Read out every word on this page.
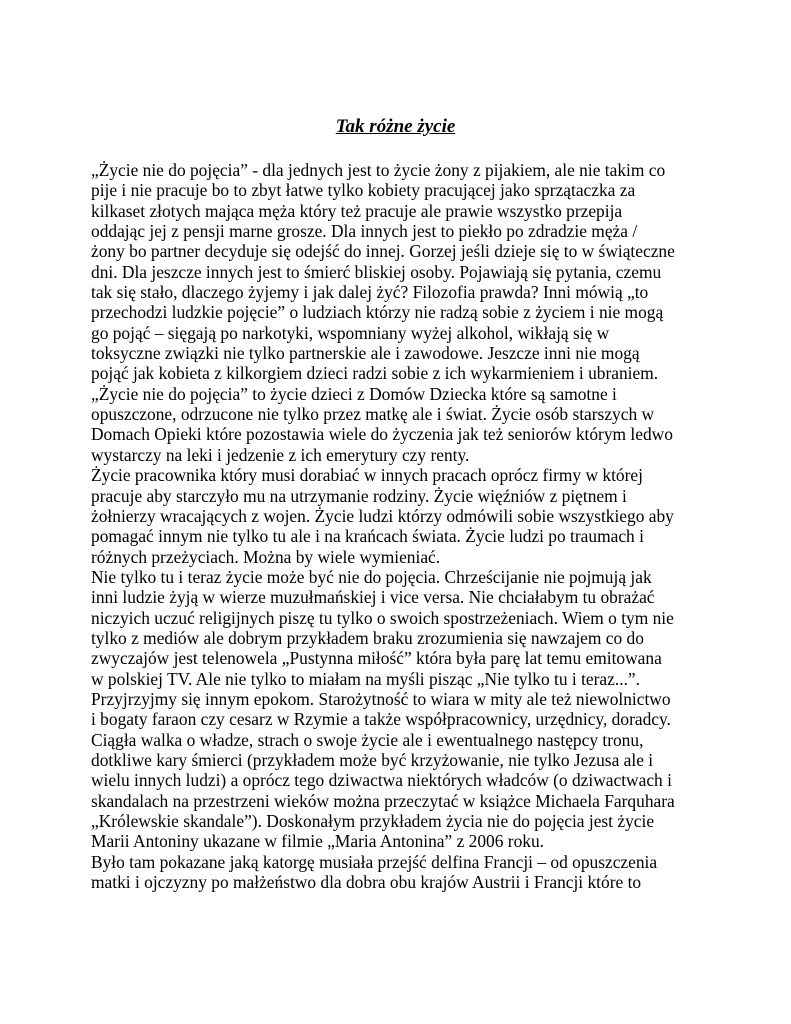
Tak różne życie
„Życie nie do pojęcia” - dla jednych jest to życie żony z pijakiem, ale nie takim co
pije i nie pracuje bo to zbyt łatwe tylko kobiety pracującej jako sprzątaczka za
kilkaset złotych mająca męża który też pracuje ale prawie wszystko przepija
oddając jej z pensji marne grosze. Dla innych jest to piekło po zdradzie męża /
żony bo partner decyduje się odejść do innej. Gorzej jeśli dzieje się to w świąteczne
dni. Dla jeszcze innych jest to śmierć bliskiej osoby. Pojawiają się pytania, czemu
tak się stało, dlaczego żyjemy i jak dalej żyć? Filozofia prawda? Inni mówią „to
przechodzi ludzkie pojęcie” o ludziach którzy nie radzą sobie z życiem i nie mogą
go pojąć – sięgają po narkotyki, wspomniany wyżej alkohol, wikłają się w
toksyczne związki nie tylko partnerskie ale i zawodowe. Jeszcze inni nie mogą
pojąć jak kobieta z kilkorgiem dzieci radzi sobie z ich wykarmieniem i ubraniem.
„Życie nie do pojęcia” to życie dzieci z Domów Dziecka które są samotne i
opuszczone, odrzucone nie tylko przez matkę ale i świat. Życie osób starszych w
Domach Opieki które pozostawia wiele do życzenia jak też seniorów którym ledwo
wystarczy na leki i jedzenie z ich emerytury czy renty.
Życie pracownika który musi dorabiać w innych pracach oprócz firmy w której
pracuje aby starczyło mu na utrzymanie rodziny. Życie więźniów z piętnem i
żołnierzy wracających z wojen. Życie ludzi którzy odmówili sobie wszystkiego aby
pomagać innym nie tylko tu ale i na krańcach świata. Życie ludzi po traumach i
różnych przeżyciach. Można by wiele wymieniać.
Nie tylko tu i teraz życie może być nie do pojęcia. Chrześcijanie nie pojmują jak
inni ludzie żyją w wierze muzułmańskiej i vice versa. Nie chciałabym tu obrażać
niczyich uczuć religijnych piszę tu tylko o swoich spostrzeżeniach. Wiem o tym nie
tylko z mediów ale dobrym przykładem braku zrozumienia się nawzajem co do
zwyczajów jest telenowela „Pustynna miłość” która była parę lat temu emitowana
w polskiej TV. Ale nie tylko to miałam na myśli pisząc „Nie tylko tu i teraz...”.
Przyjrzyjmy się innym epokom. Starożytność to wiara w mity ale też niewolnictwo
i bogaty faraon czy cesarz w Rzymie a także współpracownicy, urzędnicy, doradcy.
Ciągła walka o władze, strach o swoje życie ale i ewentualnego następcy tronu,
dotkliwe kary śmierci (przykładem może być krzyżowanie, nie tylko Jezusa ale i
wielu innych ludzi) a oprócz tego dziwactwa niektórych władców (o dziwactwach i
skandalach na przestrzeni wieków można przeczytać w książce Michaela Farquhara
„Królewskie skandale”). Doskonałym przykładem życia nie do pojęcia jest życie
Marii Antoniny ukazane w filmie „Maria Antonina” z 2006 roku.
Było tam pokazane jaką katorgę musiała przejść delfina Francji – od opuszczenia
matki i ojczyzny po małżeństwo dla dobra obu krajów Austrii i Francji które to
